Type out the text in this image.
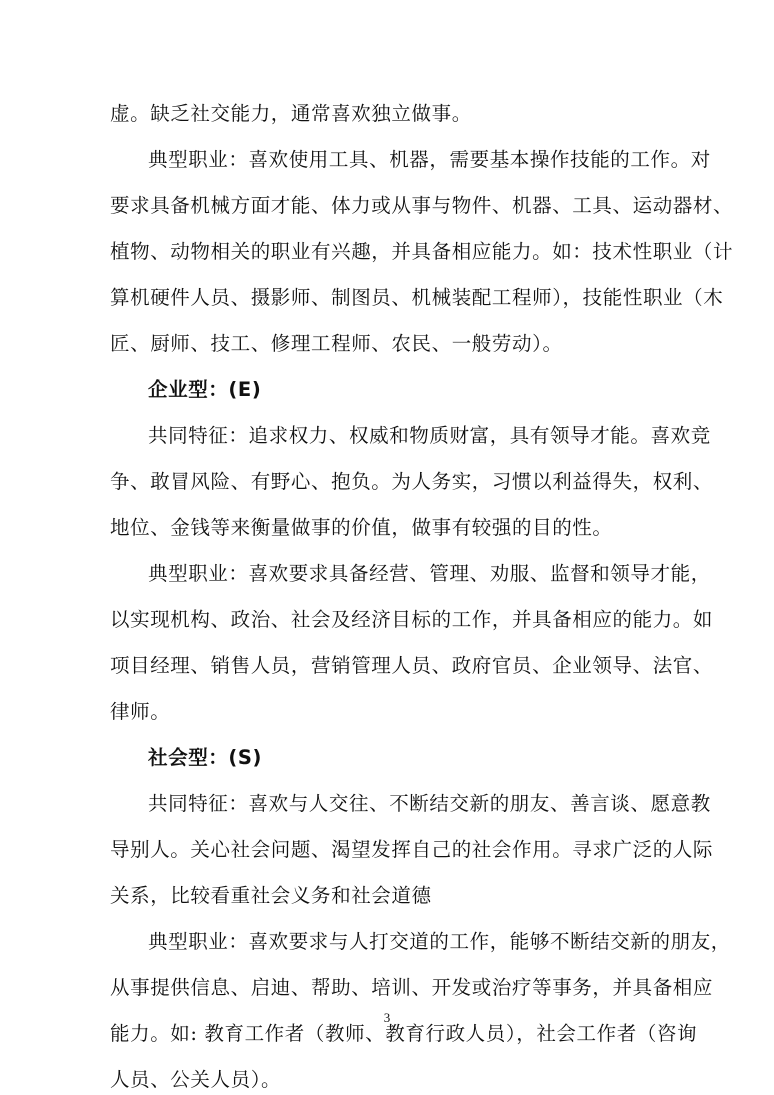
虚。缺乏社交能力，通常喜欢独立做事。
典型职业：喜欢使用工具、机器，需要基本操作技能的工作。对
要求具备机械方面才能、体力或从事与物件、机器、工具、运动器材、
植物、动物相关的职业有兴趣，并具备相应能力。如：技术性职业（计
算机硬件人员、摄影师、制图员、机械装配工程师），技能性职业（木
匠、厨师、技工、修理工程师、农民、一般劳动）。
企业型：(E)
共同特征：追求权力、权威和物质财富，具有领导才能。喜欢竞
争、敢冒风险、有野心、抱负。为人务实，习惯以利益得失，权利、
地位、金钱等来衡量做事的价值，做事有较强的目的性。
典型职业：喜欢要求具备经营、管理、劝服、监督和领导才能，
以实现机构、政治、社会及经济目标的工作，并具备相应的能力。如
项目经理、销售人员，营销管理人员、政府官员、企业领导、法官、
律师。
社会型：(S)
共同特征：喜欢与人交往、不断结交新的朋友、善言谈、愿意教
导别人。关心社会问题、渴望发挥自己的社会作用。寻求广泛的人际
关系，比较看重社会义务和社会道德
典型职业：喜欢要求与人打交道的工作，能够不断结交新的朋友，
从事提供信息、启迪、帮助、培训、开发或治疗等事务，并具备相应
能力。如: 教育工作者（教师、教育行政人员），社会工作者（咨询
人员、公关人员）。
3
